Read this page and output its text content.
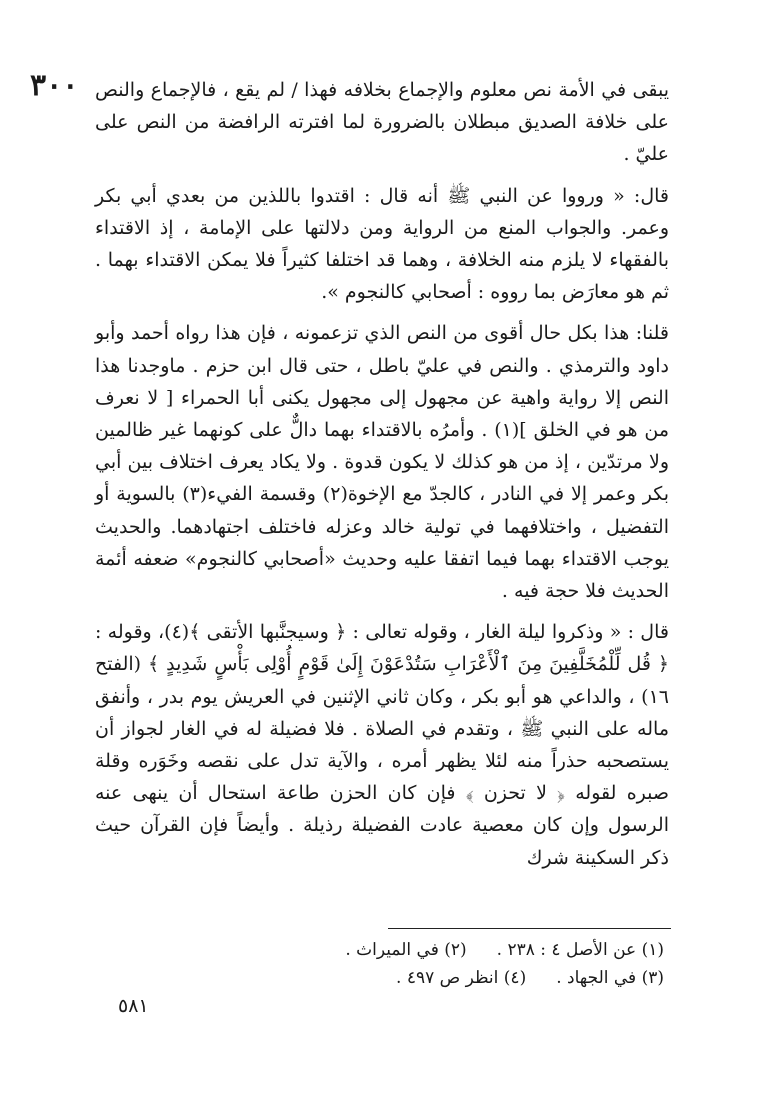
٣٠٠ يبقى في الأمة نص معلوم والإجماع بخلافه فهذا / لم يقع ، فالإجماع والنص على خلافة الصديق مبطلان بالضرورة لما افترته الرافضة من النص على عليّ .

قال: « ورووا عن النبي ﷺ أنه قال : اقتدوا باللذين من بعدي أبي بكر وعمر. والجواب المنع من الرواية ومن دلالتها على الإمامة ، إذ الاقتداء بالفقهاء لا يلزم منه الخلافة ، وهما قد اختلفا كثيراً فلا يمكن الاقتداء بهما . ثم هو معارَض بما رووه : أصحابي كالنجوم ».

قلنا: هذا بكل حال أقوى من النص الذي تزعمونه ، فإن هذا رواه أحمد وأبو داود والترمذي . والنص في عليّ باطل ، حتى قال ابن حزم . ماوجدنا هذا النص إلا رواية واهية عن مجهول إلى مجهول يكنى أبا الحمراء [ لا نعرف من هو في الخلق ](١) . وأمرُه بالاقتداء بهما دالٌّ على كونهما غير ظالمين ولا مرتدّين ، إذ من هو كذلك لا يكون قدوة . ولا يكاد يعرف اختلاف بين أبي بكر وعمر إلا في النادر ، كالجدّ مع الإخوة(٢) وقسمة الفيء(٣) بالسوية أو التفضيل ، واختلافهما في تولية خالد وعزله فاختلف اجتهادهما. والحديث يوجب الاقتداء بهما فيما اتفقا عليه وحديث «أصحابي كالنجوم» ضعفه أئمة الحديث فلا حجة فيه .

قال : « وذكروا ليلة الغار ، وقوله تعالى : ﴿ وسيجنَّبها الأتقى ﴾(٤)، وقوله : ﴿ قُل لِّلْمُخَلَّفِينَ مِنَ ٱلْأَعْرَابِ سَتُدْعَوْنَ إِلَىٰ قَوْمٍ أُوْلِى بَأْسٍ شَدِيدٍ ﴾ (الفتح ١٦) ، والداعي هو أبو بكر ، وكان ثاني الإثنين في العريش يوم بدر ، وأنفق ماله على النبي ﷺ ، وتقدم في الصلاة . فلا فضيلة له في الغار لجواز أن يستصحبه حذراً منه لئلا يظهر أمره ، والآية تدل على نقصه وخَوَره وقلة صبره لقوله ﴿ لا تحزن ﴾ فإن كان الحزن طاعة استحال أن ينهى عنه الرسول وإن كان معصية عادت الفضيلة رذيلة . وأيضاً فإن القرآن حيث ذكر السكينة شرك

(١) عن الأصل ٤ : ٢٣٨ .
(٢) في الميراث .
(٣) في الجهاد .
(٤) انظر ص ٤٩٧ .
٥٨١
